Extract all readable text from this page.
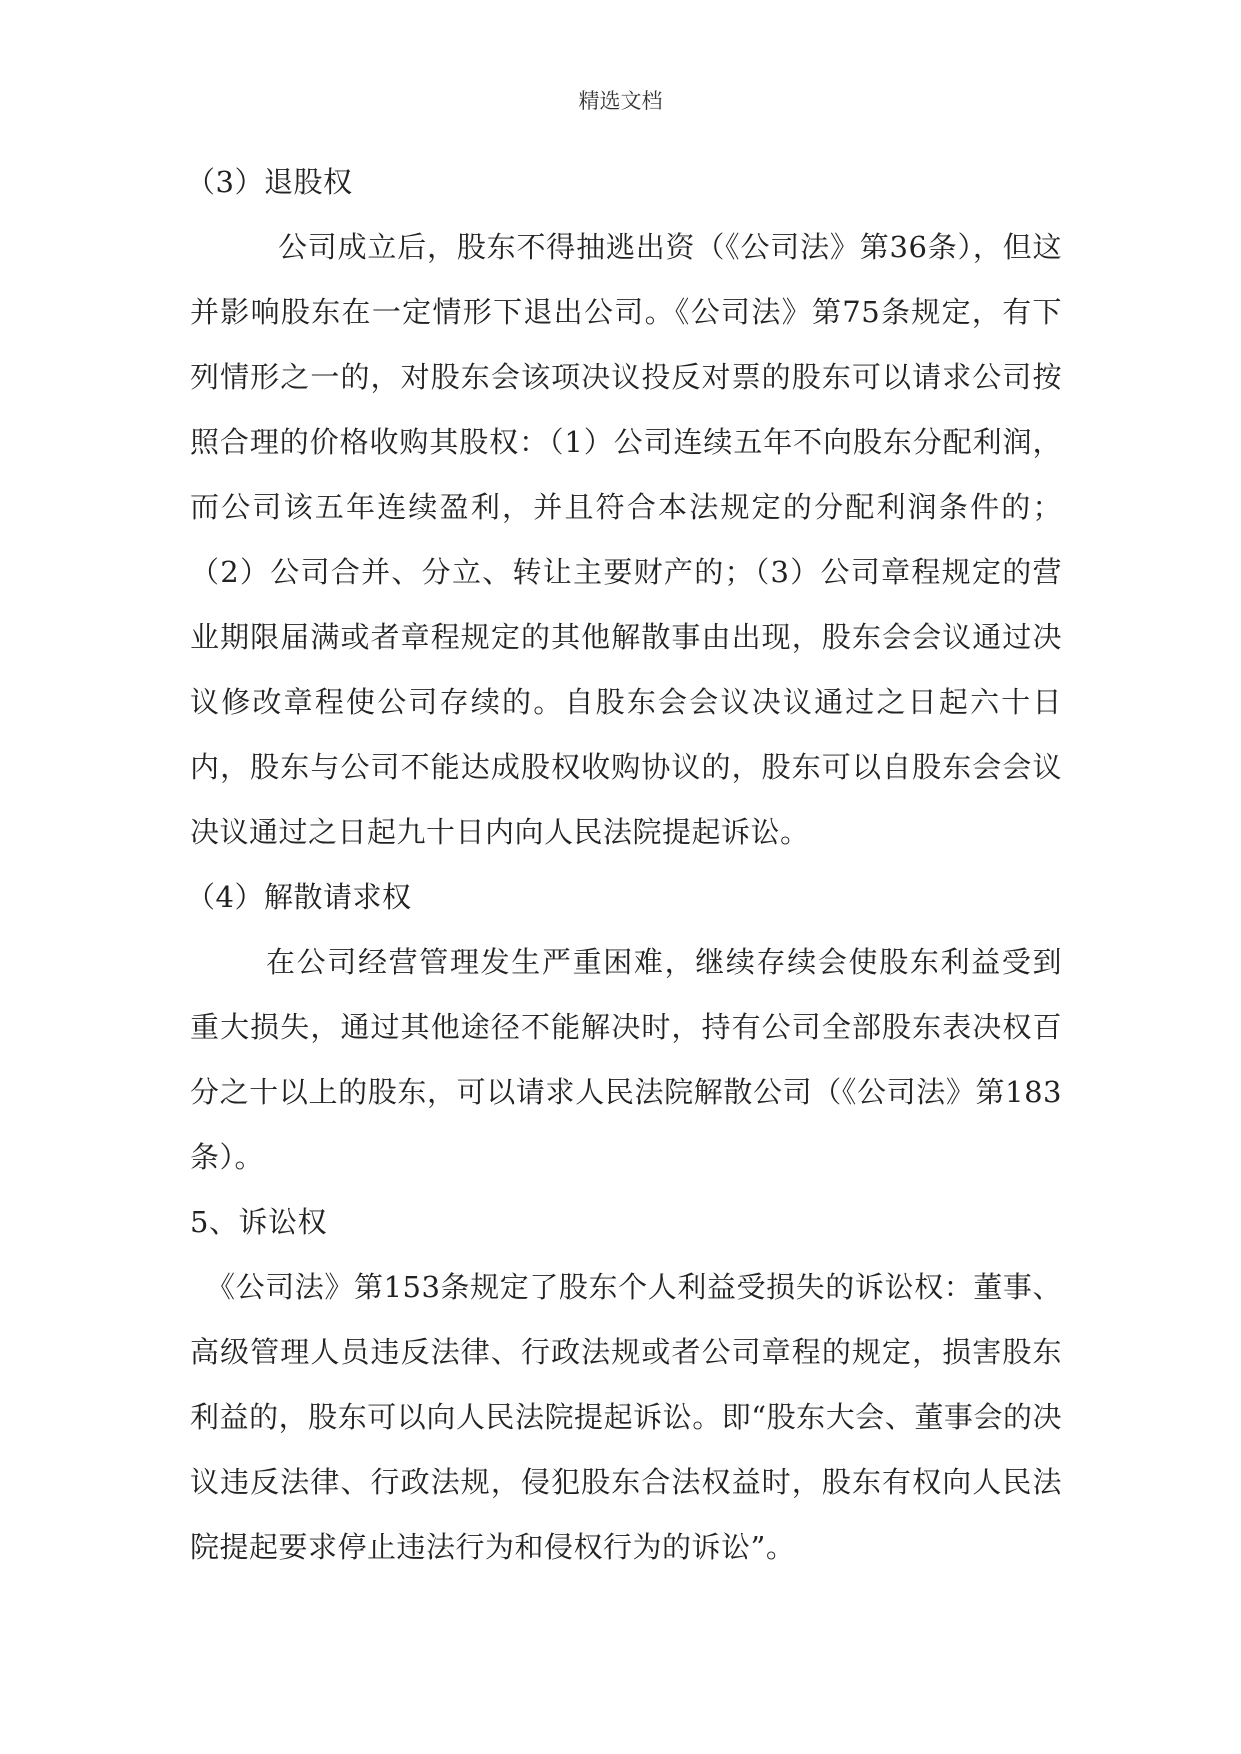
精选文档

（3）退股权

公司成立后，股东不得抽逃出资（《公司法》第36条），但这并影响股东在一定情形下退出公司。《公司法》第75条规定，有下列情形之一的，对股东会该项决议投反对票的股东可以请求公司按照合理的价格收购其股权：（1）公司连续五年不向股东分配利润，而公司该五年连续盈利，并且符合本法规定的分配利润条件的；（2）公司合并、分立、转让主要财产的；（3）公司章程规定的营业期限届满或者章程规定的其他解散事由出现，股东会会议通过决议修改章程使公司存续的。自股东会会议决议通过之日起六十日内，股东与公司不能达成股权收购协议的，股东可以自股东会会议决议通过之日起九十日内向人民法院提起诉讼。

（4）解散请求权

在公司经营管理发生严重困难，继续存续会使股东利益受到重大损失，通过其他途径不能解决时，持有公司全部股东表决权百分之十以上的股东，可以请求人民法院解散公司（《公司法》第183条）。

5、诉讼权

《公司法》第153条规定了股东个人利益受损失的诉讼权：董事、高级管理人员违反法律、行政法规或者公司章程的规定，损害股东利益的，股东可以向人民法院提起诉讼。即“股东大会、董事会的决议违反法律、行政法规，侵犯股东合法权益时，股东有权向人民法院提起要求停止违法行为和侵权行为的诉讼”。
